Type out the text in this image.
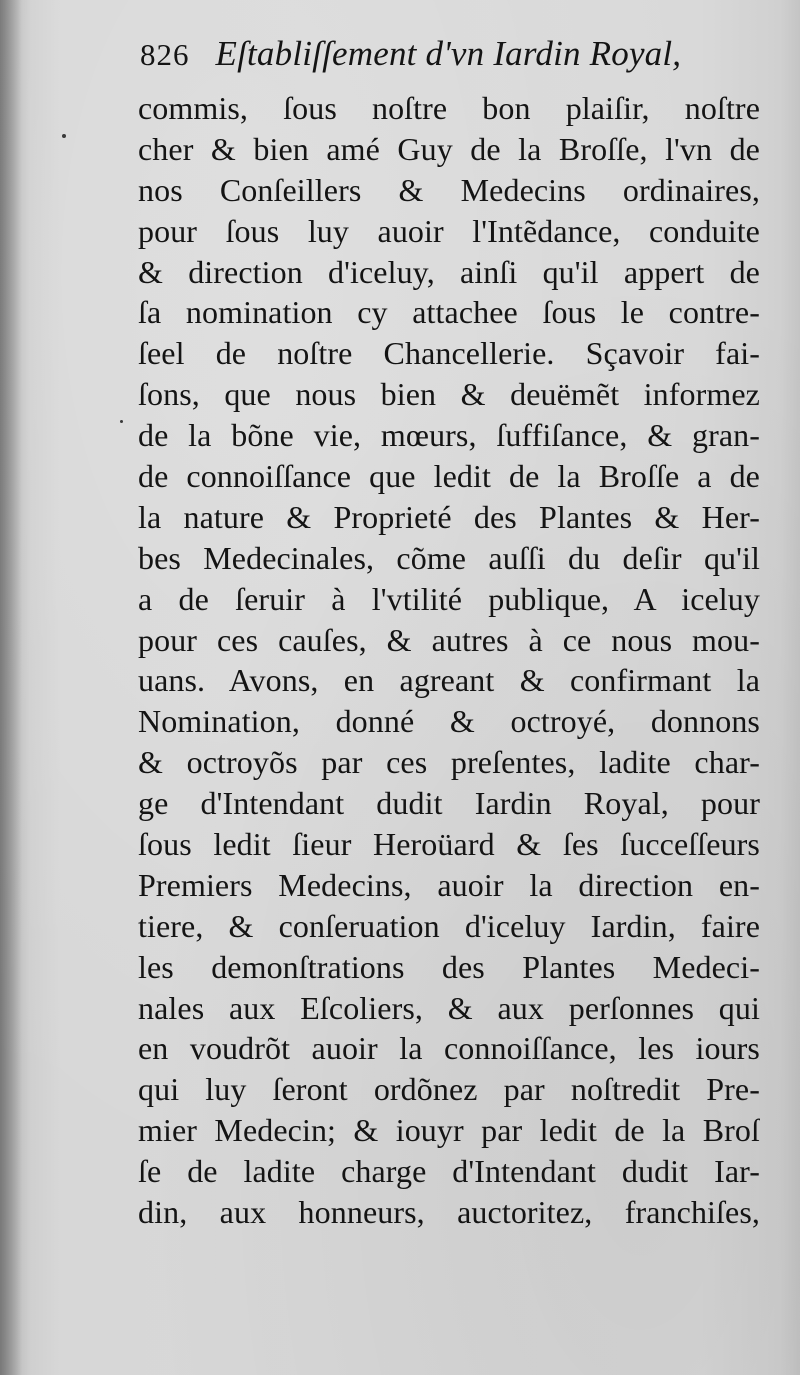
826 Eſtabliſſement d'vn Iardin Royal,
commis, ſous noſtre bon plaiſir, noſtre
cher & bien amé Guy de la Broſſe, l'vn de
nos Conſeillers & Medecins ordinaires,
pour ſous luy auoir l'Intẽdance, conduite
& direction d'iceluy, ainſi qu'il appert de
ſa nomination cy attachee ſous le contre-
ſeel de noſtre Chancellerie. Sçavoir fai-
ſons, que nous bien & deuëmẽt informez
de la bõne vie, mœurs, ſuffiſance, & gran-
de connoiſſance que ledit de la Broſſe a de
la nature & Proprieté des Plantes & Her-
bes Medecinales, cõme auſſi du deſir qu'il
a de ſeruir à l'vtilité publique, A iceluy
pour ces cauſes, & autres à ce nous mou-
uans. Avons, en agreant & confirmant la
Nomination, donné & octroyé, donnons
& octroyõs par ces preſentes, ladite char-
ge d'Intendant dudit Iardin Royal, pour
ſous ledit ſieur Heroüard & ſes ſucceſſeurs
Premiers Medecins, auoir la direction en-
tiere, & conſeruation d'iceluy Iardin, faire
les demonſtrations des Plantes Medeci-
nales aux Eſcoliers, & aux perſonnes qui
en voudrõt auoir la connoiſſance, les iours
qui luy ſeront ordõnez par noſtredit Pre-
mier Medecin; & iouyr par ledit de la Broſ
ſe de ladite charge d'Intendant dudit Iar-
din, aux honneurs, auctoritez, franchiſes,
